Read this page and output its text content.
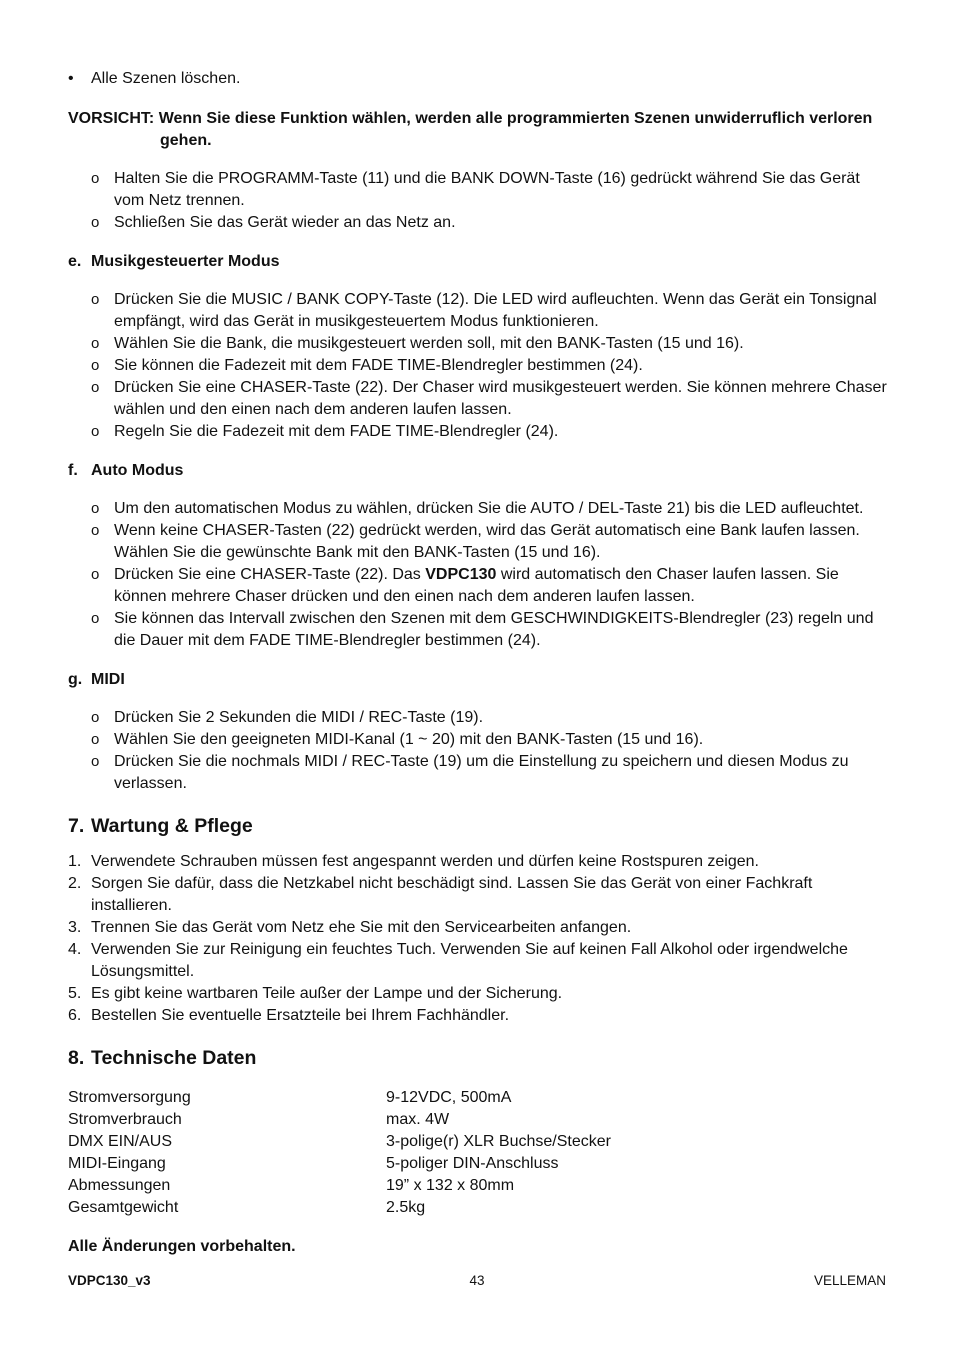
• Alle Szenen löschen.
VORSICHT: Wenn Sie diese Funktion wählen, werden alle programmierten Szenen unwiderruflich verloren
gehen.
o Halten Sie die PROGRAMM-Taste (11) und die BANK DOWN-Taste (16) gedrückt während Sie das Gerät vom Netz trennen.
o Schließen Sie das Gerät wieder an das Netz an.
e. Musikgesteuerter Modus
o Drücken Sie die MUSIC / BANK COPY-Taste (12). Die LED wird aufleuchten. Wenn das Gerät ein Tonsignal empfängt, wird das Gerät in musikgesteuertem Modus funktionieren.
o Wählen Sie die Bank, die musikgesteuert werden soll, mit den BANK-Tasten (15 und 16).
o Sie können die Fadezeit mit dem FADE TIME-Blendregler bestimmen (24).
o Drücken Sie eine CHASER-Taste (22). Der Chaser wird musikgesteuert werden. Sie können mehrere Chaser wählen und den einen nach dem anderen laufen lassen.
o Regeln Sie die Fadezeit mit dem FADE TIME-Blendregler (24).
f. Auto Modus
o Um den automatischen Modus zu wählen, drücken Sie die AUTO / DEL-Taste 21) bis die LED aufleuchtet.
o Wenn keine CHASER-Tasten (22) gedrückt werden, wird das Gerät automatisch eine Bank laufen lassen. Wählen Sie die gewünschte Bank mit den BANK-Tasten (15 und 16).
o Drücken Sie eine CHASER-Taste (22). Das VDPC130 wird automatisch den Chaser laufen lassen. Sie können mehrere Chaser drücken und den einen nach dem anderen laufen lassen.
o Sie können das Intervall zwischen den Szenen mit dem GESCHWINDIGKEITS-Blendregler (23) regeln und die Dauer mit dem FADE TIME-Blendregler bestimmen (24).
g. MIDI
o Drücken Sie 2 Sekunden die MIDI / REC-Taste (19).
o Wählen Sie den geeigneten MIDI-Kanal (1 ~ 20) mit den BANK-Tasten (15 und 16).
o Drücken Sie die nochmals MIDI / REC-Taste (19) um die Einstellung zu speichern und diesen Modus zu verlassen.
7. Wartung & Pflege
1. Verwendete Schrauben müssen fest angespannt werden und dürfen keine Rostspuren zeigen.
2. Sorgen Sie dafür, dass die Netzkabel nicht beschädigt sind. Lassen Sie das Gerät von einer Fachkraft installieren.
3. Trennen Sie das Gerät vom Netz ehe Sie mit den Servicearbeiten anfangen.
4. Verwenden Sie zur Reinigung ein feuchtes Tuch. Verwenden Sie auf keinen Fall Alkohol oder irgendwelche Lösungsmittel.
5. Es gibt keine wartbaren Teile außer der Lampe und der Sicherung.
6. Bestellen Sie eventuelle Ersatzteile bei Ihrem Fachhändler.
8. Technische Daten
Stromversorgung	9-12VDC, 500mA
Stromverbrauch	max. 4W
DMX EIN/AUS	3-polige(r) XLR Buchse/Stecker
MIDI-Eingang	5-poliger DIN-Anschluss
Abmessungen	19” x 132 x 80mm
Gesamtgewicht	2.5kg
Alle Änderungen vorbehalten.
VDPC130_v3	43	VELLEMAN
